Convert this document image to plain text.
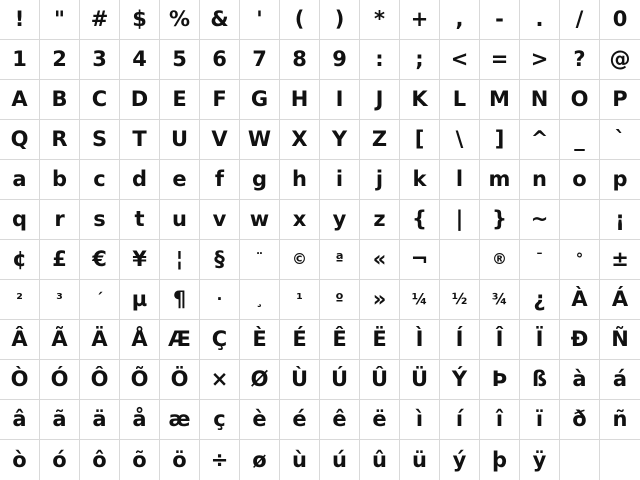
! " # $ % & ' ( ) * + , - . / 0
1 2 3 4 5 6 7 8 9 : ; < = > ? @
A B C D E F G H I J K L M N O P
Q R S T U V W X Y Z [ \ ] ^ _ `
a b c d e f g h i j k l m n o p
q r s t u v w x y z { | } ~	¡
¢ £ € ¥ ¦ § ¨ © ª « ¬	® ¯ ° ±
² ³ ´ µ ¶ · ¸ ¹ º » ¼ ½ ¾ ¿ À Á
Â Ã Ä Å Æ Ç È É Ê Ë Ì Í Î Ï Ð Ñ
Ò Ó Ô Õ Ö × Ø Ù Ú Û Ü Ý Þ ß à á
â ã ä å æ ç è é ê ë ì í î ï ð ñ
ò ó ô õ ö ÷ ø ù ú û ü ý þ ÿ
